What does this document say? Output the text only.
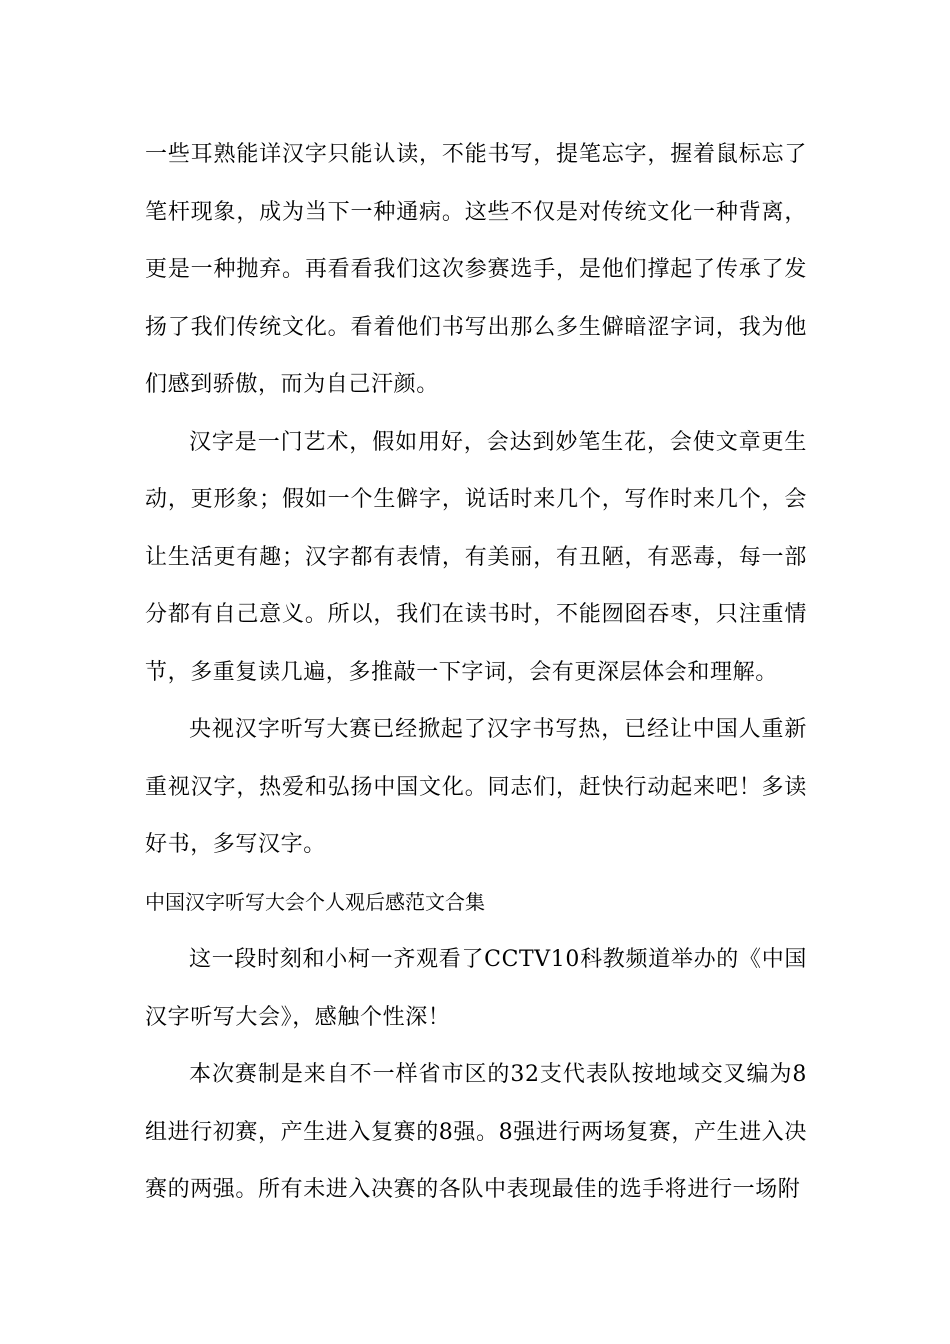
一些耳熟能详汉字只能认读，不能书写，提笔忘字，握着鼠标忘了笔杆现象，成为当下一种通病。这些不仅是对传统文化一种背离，更是一种抛弃。再看看我们这次参赛选手，是他们撑起了传承了发扬了我们传统文化。看着他们书写出那么多生僻暗涩字词，我为他们感到骄傲，而为自己汗颜。

汉字是一门艺术，假如用好，会达到妙笔生花，会使文章更生动，更形象；假如一个生僻字，说话时来几个，写作时来几个，会让生活更有趣；汉字都有表情，有美丽，有丑陋，有恶毒，每一部分都有自己意义。所以，我们在读书时，不能囫囵吞枣，只注重情节，多重复读几遍，多推敲一下字词，会有更深层体会和理解。

央视汉字听写大赛已经掀起了汉字书写热，已经让中国人重新重视汉字，热爱和弘扬中国文化。同志们，赶快行动起来吧！多读好书，多写汉字。

中国汉字听写大会个人观后感范文合集

这一段时刻和小柯一齐观看了CCTV10科教频道举办的《中国汉字听写大会》，感触个性深！

本次赛制是来自不一样省市区的32支代表队按地域交叉编为8组进行初赛，产生进入复赛的8强。8强进行两场复赛，产生进入决赛的两强。所有未进入决赛的各队中表现最佳的选手将进行一场附
